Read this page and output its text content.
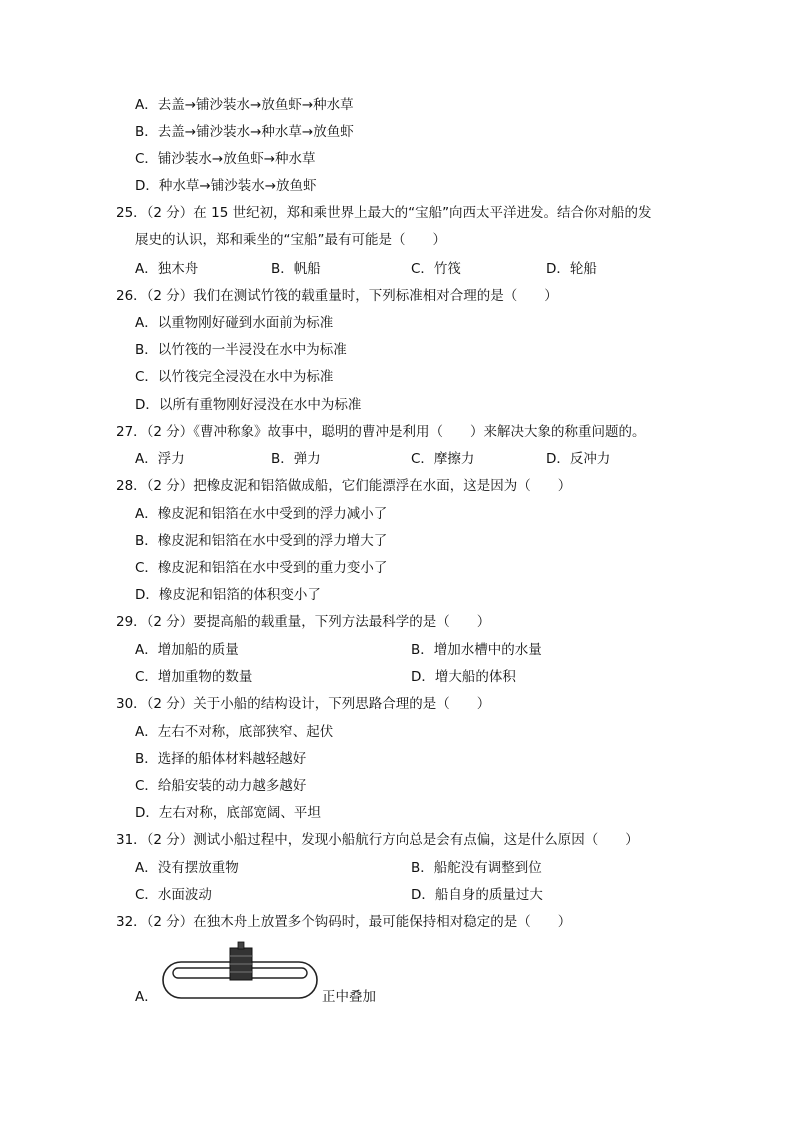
A．去盖→铺沙装水→放鱼虾→种水草
B．去盖→铺沙装水→种水草→放鱼虾
C．铺沙装水→放鱼虾→种水草
D．种水草→铺沙装水→放鱼虾
25．（2 分）在 15 世纪初，郑和乘世界上最大的“宝船”向西太平洋进发。结合你对船的发
展史的认识，郑和乘坐的“宝船”最有可能是（　　）
A．独木舟	B．帆船	C．竹筏	D．轮船
26．（2 分）我们在测试竹筏的载重量时，下列标准相对合理的是（　　）
A．以重物刚好碰到水面前为标准
B．以竹筏的一半浸没在水中为标准
C．以竹筏完全浸没在水中为标准
D．以所有重物刚好浸没在水中为标准
27．（2 分）《曹冲称象》故事中，聪明的曹冲是利用（　　）来解决大象的称重问题的。
A．浮力	B．弹力	C．摩擦力	D．反冲力
28．（2 分）把橡皮泥和铝箔做成船，它们能漂浮在水面，这是因为（　　）
A．橡皮泥和铝箔在水中受到的浮力减小了
B．橡皮泥和铝箔在水中受到的浮力增大了
C．橡皮泥和铝箔在水中受到的重力变小了
D．橡皮泥和铝箔的体积变小了
29．（2 分）要提高船的载重量，下列方法最科学的是（　　）
A．增加船的质量	B．增加水槽中的水量
C．增加重物的数量	D．增大船的体积
30．（2 分）关于小船的结构设计，下列思路合理的是（　　）
A．左右不对称，底部狭窄、起伏
B．选择的船体材料越轻越好
C．给船安装的动力越多越好
D．左右对称，底部宽阔、平坦
31．（2 分）测试小船过程中，发现小船航行方向总是会有点偏，这是什么原因（　　）
A．没有摆放重物	B．船舵没有调整到位
C．水面波动	D．船自身的质量过大
32．（2 分）在独木舟上放置多个钩码时，最可能保持相对稳定的是（　　）
A．	正中叠加
